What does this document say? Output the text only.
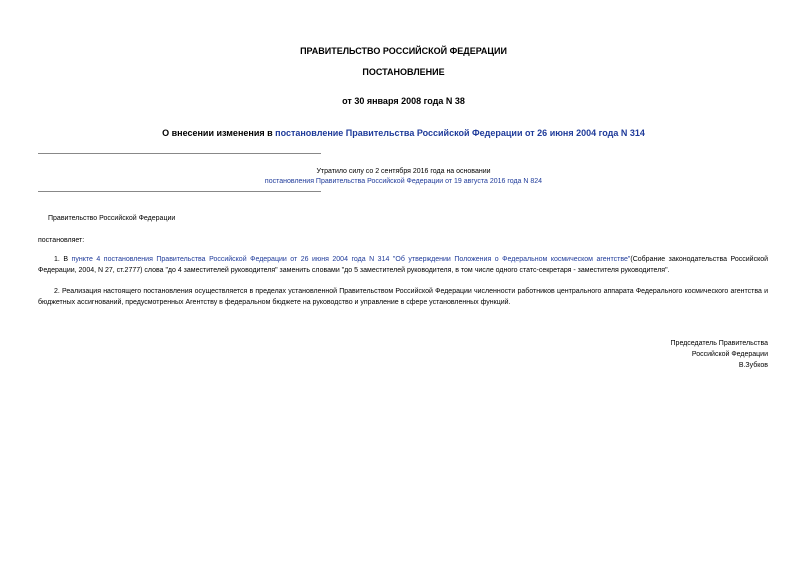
ПРАВИТЕЛЬСТВО РОССИЙСКОЙ ФЕДЕРАЦИИ
ПОСТАНОВЛЕНИЕ
от 30 января 2008 года N 38
О внесении изменения в постановление Правительства Российской Федерации от 26 июня 2004 года N 314
Утратило силу со 2 сентября 2016 года на основании
постановления Правительства Российской Федерации от 19 августа 2016 года N 824
Правительство Российской Федерации
постановляет:
1. В пункте 4 постановления Правительства Российской Федерации от 26 июня 2004 года N 314 "Об утверждении Положения о Федеральном космическом агентстве"(Собрание законодательства Российской Федерации, 2004, N 27, ст.2777) слова "до 4 заместителей руководителя" заменить словами "до 5 заместителей руководителя, в том числе одного статс-секретаря - заместителя руководителя".
2. Реализация настоящего постановления осуществляется в пределах установленной Правительством Российской Федерации численности работников центрального аппарата Федерального космического агентства и бюджетных ассигнований, предусмотренных Агентству в федеральном бюджете на руководство и управление в сфере установленных функций.
Председатель Правительства
Российской Федерации
В.Зубков
